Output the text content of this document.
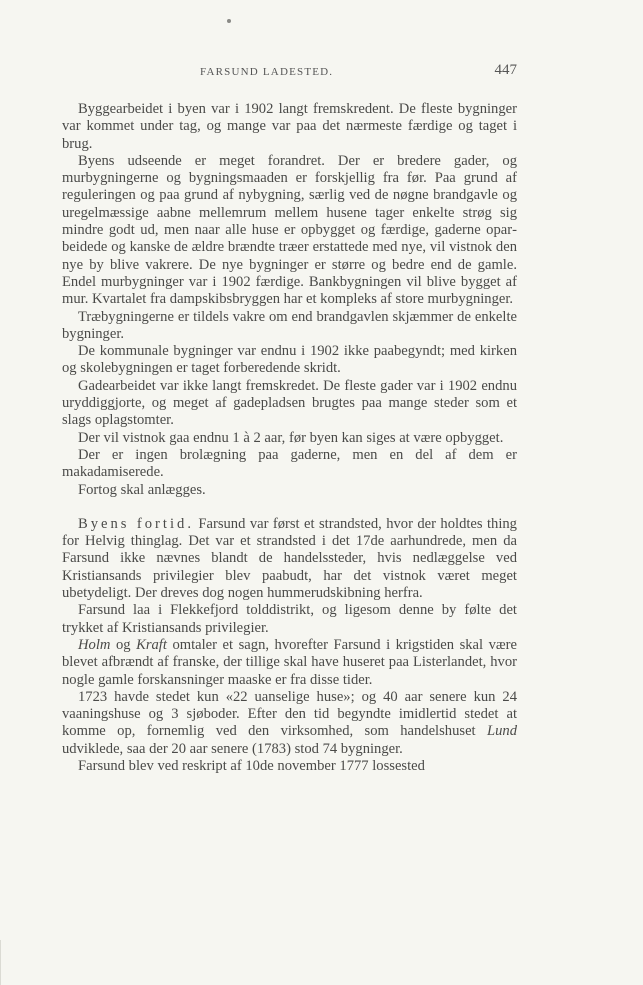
FARSUND LADESTED.	447

Byggearbeidet i byen var i 1902 langt fremskredent. De fleste bygninger var kommet under tag, og mange var paa det nærmeste færdige og taget i brug.

Byens udseende er meget forandret. Der er bredere gader, og murbygningerne og bygningsmaaden er forskjellig fra før. Paa grund af reguleringen og paa grund af nybygning, særlig ved de nøgne brandgavle og uregelmæssige aabne mellemrum mellem husene tager enkelte strøg sig mindre godt ud, men naar alle huse er opbygget og færdige, gaderne oparbeidede og kanske de ældre brændte træer erstattede med nye, vil vistnok den nye by blive vakrere. De nye bygninger er større og bedre end de gamle. Endel murbygninger var i 1902 færdige. Bankbygningen vil blive bygget af mur. Kvartalet fra dampskibsbryggen har et kompleks af store murbygninger.

Træbygningerne er tildels vakre om end brandgavlen skjæmmer de enkelte bygninger.

De kommunale bygninger var endnu i 1902 ikke paabegyndt; med kirken og skolebygningen er taget forberedende skridt.

Gadearbeidet var ikke langt fremskredet. De fleste gader var i 1902 endnu uryddiggjorte, og meget af gadepladsen brugtes paa mange steder som et slags oplagstomter.

Der vil vistnok gaa endnu 1 à 2 aar, før byen kan siges at være opbygget.

Der er ingen brolægning paa gaderne, men en del af dem er makadamiserede.

Fortog skal anlægges.

Byens fortid. Farsund var først et strandsted, hvor der holdtes thing for Helvig thinglag. Det var et strandsted i det 17de aarhundrede, men da Farsund ikke nævnes blandt de handelssteder, hvis nedlæggelse ved Kristiansands privilegier blev paabudt, har det vistnok været meget ubetydeligt. Der dreves dog nogen hummerudskibning herfra.

Farsund laa i Flekkefjord tolddistrikt, og ligesom denne by følte det trykket af Kristiansands privilegier.

Holm og Kraft omtaler et sagn, hvorefter Farsund i krigstiden skal være blevet afbrændt af franske, der tillige skal have huseret paa Listerlandet, hvor nogle gamle forskansninger maaske er fra disse tider.

1723 havde stedet kun «22 uanselige huse»; og 40 aar senere kun 24 vaaningshuse og 3 sjøboder. Efter den tid begyndte imidlertid stedet at komme op, fornemlig ved den virksomhed, som handelshuset Lund udviklede, saa der 20 aar senere (1783) stod 74 bygninger.

Farsund blev ved reskript af 10de november 1777 lossested
